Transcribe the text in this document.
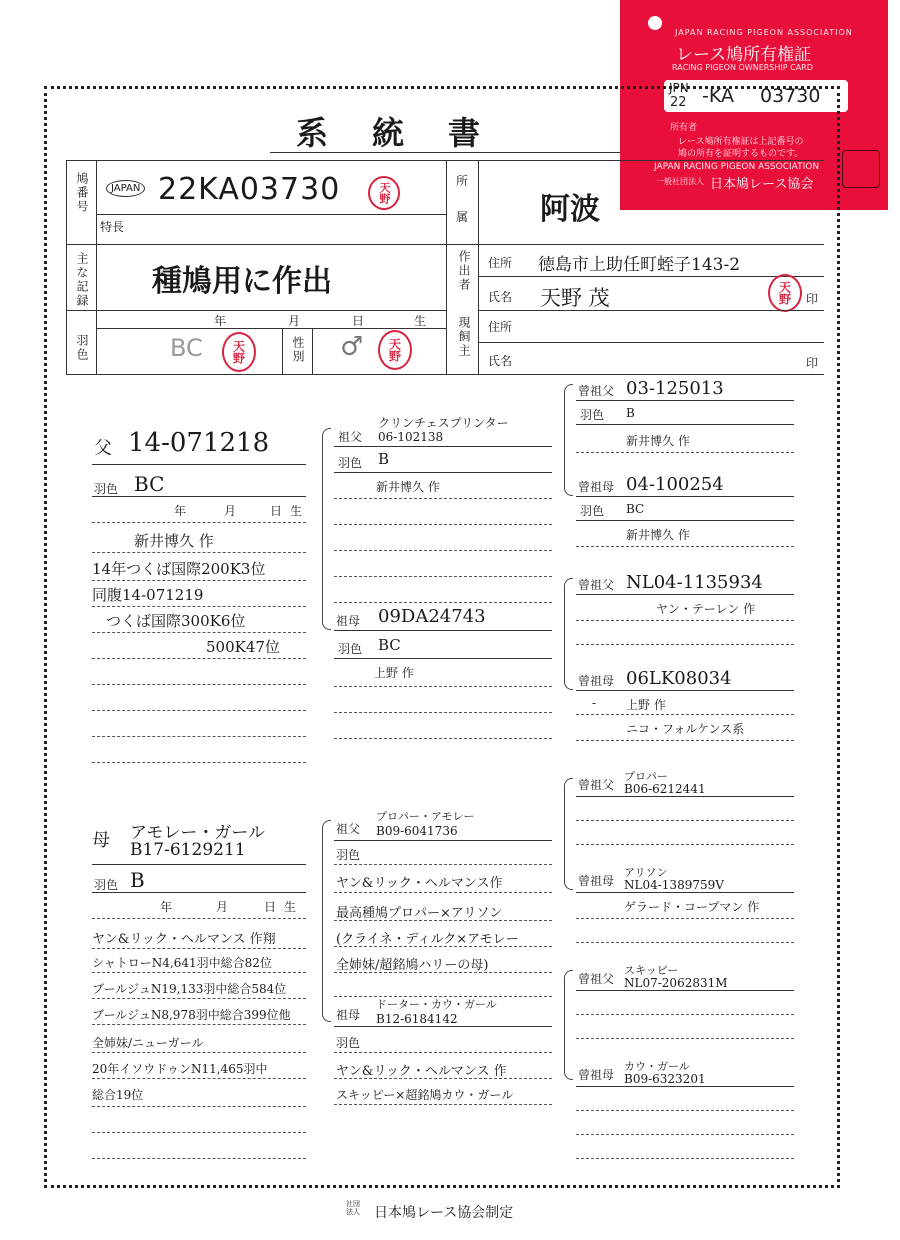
JAPAN RACING PIGEON ASSOCIATION
レース鳩所有権証
RACING PIGEON OWNERSHIP CARD
JPN
22 -KA 03730
所有者
レース鳩所有権証は上記番号の
鳩の所有を証明するものです。
JAPAN RACING PIGEON ASSOCIATION
一般社団法人 日本鳩レース協会
系　統　書
鳩番号	JAPAN 22KA03730	天野
特長
所
属 阿波
主な記録 種鳩用に作出	作出者 住所 徳島市上助任町蛭子143-2
氏名 天野 茂	天野	印
現飼主 住所
氏名	印
年	月	日	生
羽色	BC	天野	性別 ♂	天野
父 14-071218
羽色 BC
年	月	日 生
新井博久 作
14年つくば国際200K3位
同腹14-071219
つくば国際300K6位
500K47位
祖父
クリンチェスプリンター
06-102138
羽色 B
新井博久 作
祖母 09DA24743
羽色 BC
上野 作
曾祖父 03-125013
羽色 B
新井博久 作
曾祖母 04-100254
羽色 BC
新井博久 作
曾祖父 NL04-1135934
ヤン・テーレン 作
曾祖母 06LK08034
- 上野 作
ニコ・フォルケンス系
母 アモレー・ガール
B17-6129211
羽色 B
年	月	日 生
ヤン&リック・ヘルマンス 作翔
シャトローN4,641羽中総合82位
ブールジュN19,133羽中総合584位
ブールジュN8,978羽中総合399位他
全姉妹/ニューガール
20年イソウドゥンN11,465羽中
総合19位
祖父
プロパー・アモレー
B09-6041736
羽色
ヤン&リック・ヘルマンス作
最高種鳩プロパー×アリソン
(クライネ・ディルク×アモレー
全姉妹/超銘鳩ハリーの母)
祖母
ドーター・カウ・ガール
B12-6184142
羽色
ヤン&リック・ヘルマンス 作
スキッピー×超銘鳩カウ・ガール
曾祖父
プロパー
B06-6212441
曾祖母
アリソン
NL04-1389759V
ゲラード・コープマン 作
曾祖父
スキッピー
NL07-2062831M
曾祖母
カウ・ガール
B09-6323201
社団法人 日本鳩レース協会制定
